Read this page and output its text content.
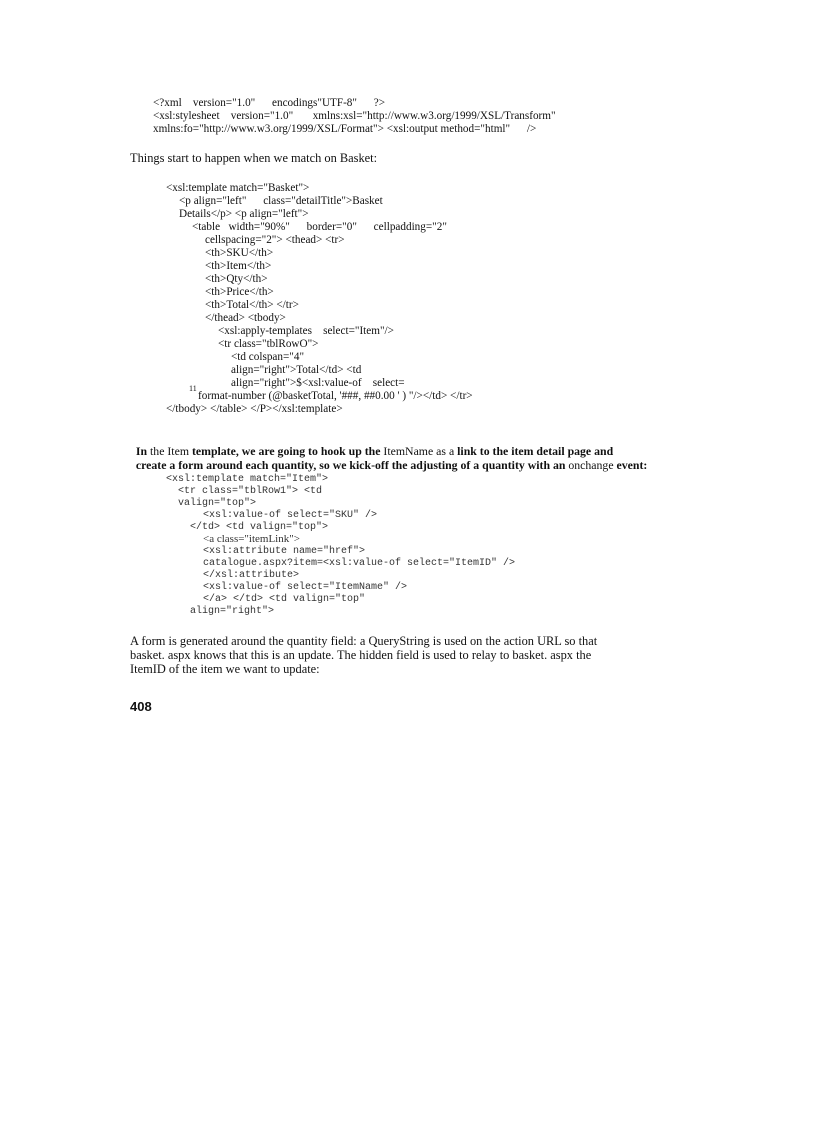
<?xml    version="1.0"      encodings"UTF-8"      ?>
<xsl:stylesheet    version="1.0"       xmlns:xsl="http://www.w3.org/1999/XSL/Transform"
xmlns:fo="http://www.w3.org/1999/XSL/Format"> <xsl:output method="html"      />
Things start to happen when we match on Basket:
<xsl:template match="Basket">
<p align="left"      class="detailTitle">Basket
Details</p> <p align="left">
<table   width="90%"      border="0"      cellpadding="2"
cellspacing="2"> <thead> <tr>
<th>SKU</th>
<th>Item</th>
<th>Qty</th>
<th>Price</th>
<th>Total</th> </tr>
</thead> <tbody>
<xsl:apply-templates    select="Item"/>
<tr class="tblRowO">
<td colspan="4"
align="right">Total</td> <td
align="right">$<xsl:value-of    select=
11
format-number (@basketTotal, '###, ##0.00 ' ) "/></td> </tr>
</tbody> </table> </P></xsl:template>

In the Item template, we are going to hook up the ItemName as a link to the item detail page and

create a form around each quantity, so we kick-off the adjusting of a quantity with an onchange event:

<xsl:template match="Item">
<tr class="tblRow1"> <td
valign="top">
<xsl:value-of select="SKU" />
</td> <td valign="top">
<a class="itemLink">
<xsl:attribute name="href">
catalogue.aspx?item=<xsl:value-of select="ItemID" />
</xsl:attribute>
<xsl:value-of select="ItemName" />
</a> </td> <td valign="top"
align="right">
A form is generated around the quantity field: a QueryString is used on the action URL so that
basket. aspx knows that this is an update. The hidden field is used to relay to basket. aspx the
ItemID of the item we want to update:
408
